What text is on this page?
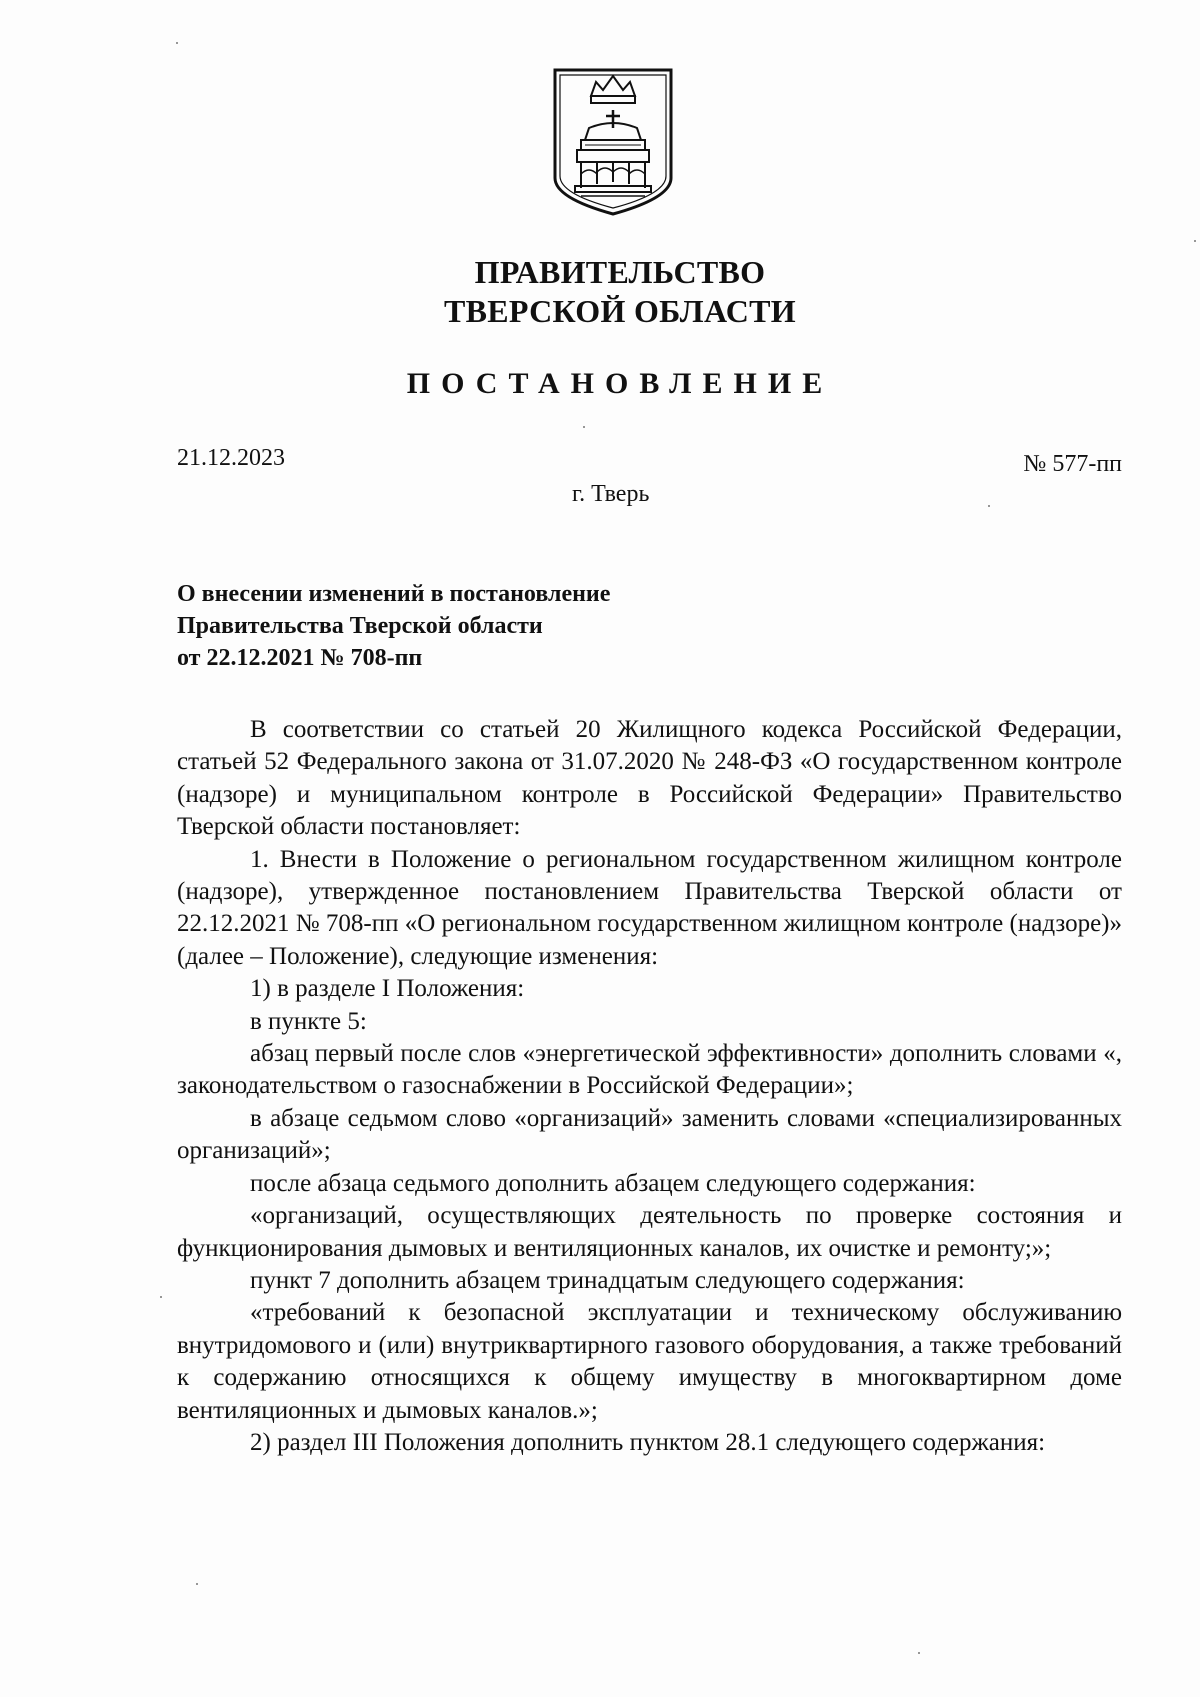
ПРАВИТЕЛЬСТВО
ТВЕРСКОЙ ОБЛАСТИ
ПОСТАНОВЛЕНИЕ
21.12.2023	№ 577-пп
г. Тверь
О внесении изменений в постановление
Правительства Тверской области
от 22.12.2021 № 708-пп

В соответствии со статьей 20 Жилищного кодекса Российской Федерации, статьей 52 Федерального закона от 31.07.2020 № 248-ФЗ «О государственном контроле (надзоре) и муниципальном контроле в Российской Федерации» Правительство Тверской области постановляет:

1. Внести в Положение о региональном государственном жилищном контроле (надзоре), утвержденное постановлением Правительства Тверской области от 22.12.2021 № 708-пп «О региональном государственном жилищном контроле (надзоре)» (далее – Положение), следующие изменения:

1) в разделе I Положения:

в пункте 5:

абзац первый после слов «энергетической эффективности» дополнить словами «, законодательством о газоснабжении в Российской Федерации»;

в абзаце седьмом слово «организаций» заменить словами «специализированных организаций»;

после абзаца седьмого дополнить абзацем следующего содержания:

«организаций, осуществляющих деятельность по проверке состояния и функционирования дымовых и вентиляционных каналов, их очистке и ремонту;»;

пункт 7 дополнить абзацем тринадцатым следующего содержания:

«требований к безопасной эксплуатации и техническому обслуживанию внутридомового и (или) внутриквартирного газового оборудования, а также требований к содержанию относящихся к общему имуществу в многоквартирном доме вентиляционных и дымовых каналов.»;

2) раздел III Положения дополнить пунктом 28.1 следующего содержания:
